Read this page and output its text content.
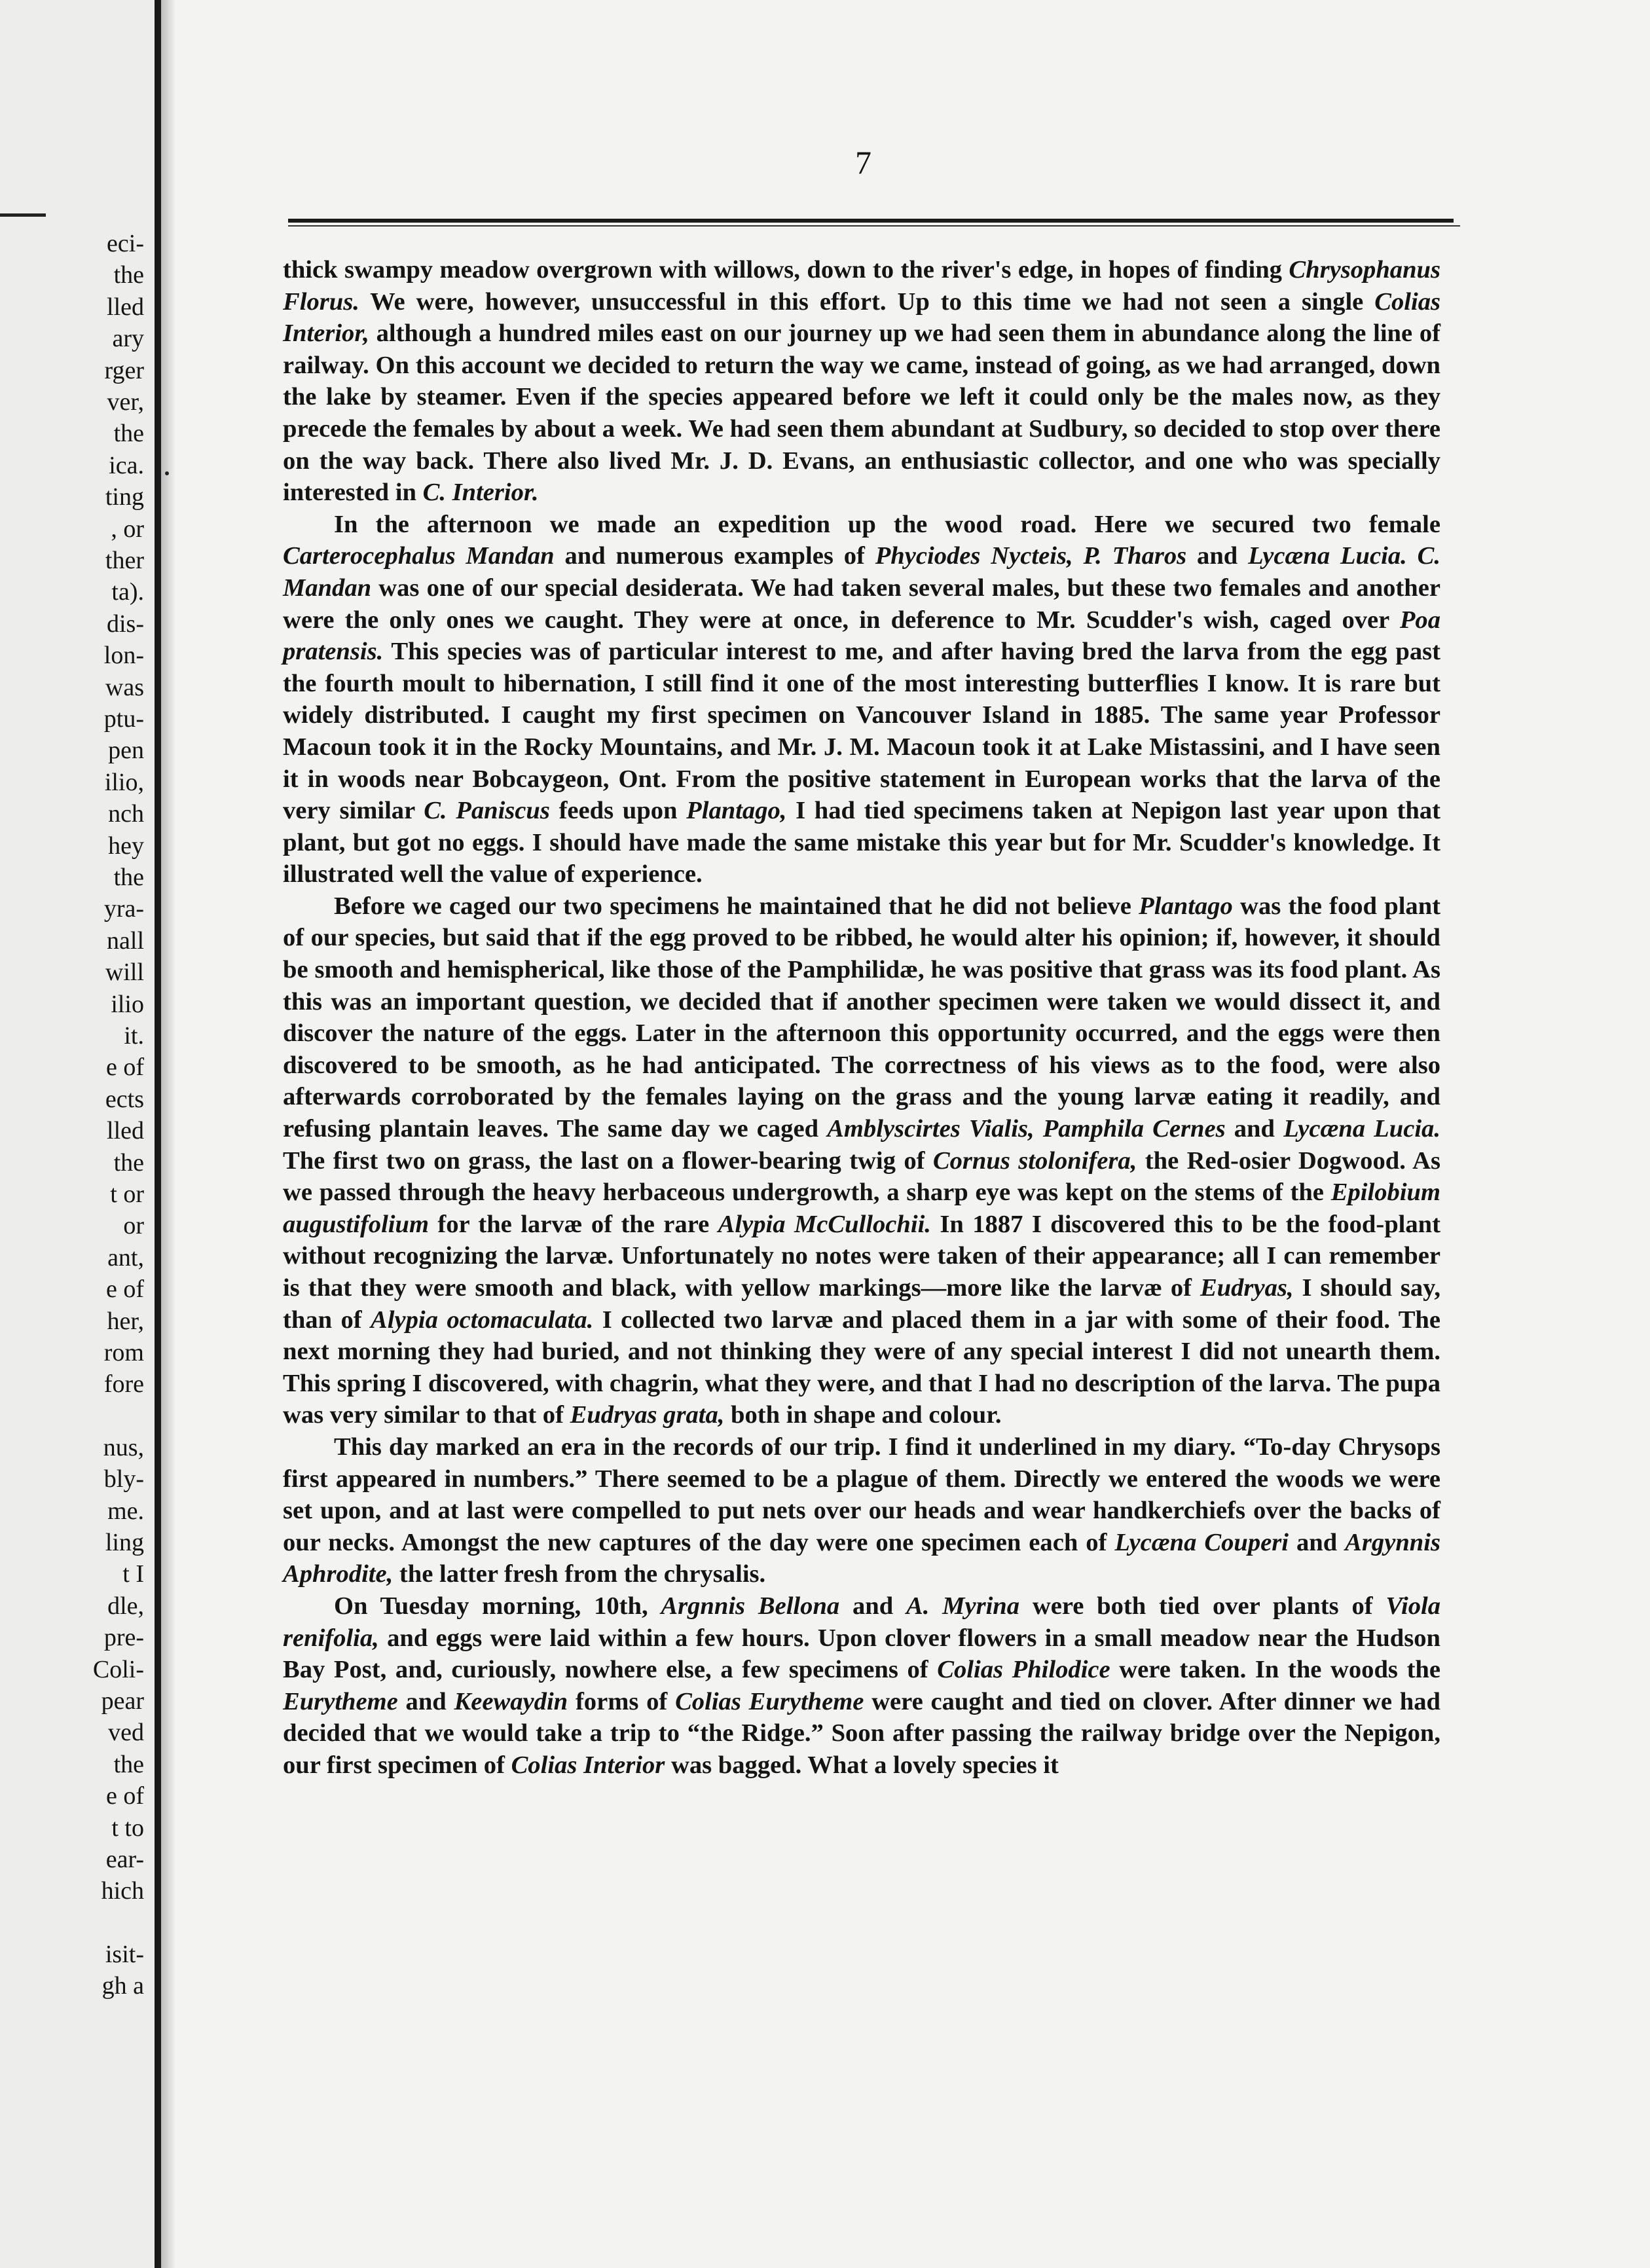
eci-
the
lled
ary
rger
ver,
the
ica.
ting
, or
ther
ta).
dis-
lon-
was
ptu-
pen
ilio,
nch
hey
the
yra-
nall
will
ilio
it.
e of
ects
lled
the
t or
or
ant,
e of
her,
rom
fore
nus,
bly-
me.
ling
t I
dle,
pre-
Coli-
pear
ved
the
e of
t to
ear-
hich
isit-
gh a
7

thick swampy meadow overgrown with willows, down to the river's edge, in hopes of finding Chrysophanus Florus. We were, however, unsuccessful in this effort. Up to this time we had not seen a single Colias Interior, although a hundred miles east on our journey up we had seen them in abundance along the line of railway. On this account we decided to return the way we came, instead of going, as we had arranged, down the lake by steamer. Even if the species appeared before we left it could only be the males now, as they precede the females by about a week. We had seen them abundant at Sudbury, so decided to stop over there on the way back. There also lived Mr. J. D. Evans, an enthusiastic collector, and one who was specially interested in C. Interior.

In the afternoon we made an expedition up the wood road. Here we secured two female Carterocephalus Mandan and numerous examples of Phyciodes Nycteis, P. Tharos and Lycæna Lucia. C. Mandan was one of our special desiderata. We had taken several males, but these two females and another were the only ones we caught. They were at once, in deference to Mr. Scudder's wish, caged over Poa pratensis. This species was of particular interest to me, and after having bred the larva from the egg past the fourth moult to hibernation, I still find it one of the most interesting butterflies I know. It is rare but widely distributed. I caught my first specimen on Vancouver Island in 1885. The same year Professor Macoun took it in the Rocky Mountains, and Mr. J. M. Macoun took it at Lake Mistassini, and I have seen it in woods near Bobcaygeon, Ont. From the positive statement in European works that the larva of the very similar C. Paniscus feeds upon Plantago, I had tied specimens taken at Nepigon last year upon that plant, but got no eggs. I should have made the same mistake this year but for Mr. Scudder's knowledge. It illustrated well the value of experience.

Before we caged our two specimens he maintained that he did not believe Plantago was the food plant of our species, but said that if the egg proved to be ribbed, he would alter his opinion; if, however, it should be smooth and hemispherical, like those of the Pamphilidæ, he was positive that grass was its food plant. As this was an important question, we decided that if another specimen were taken we would dissect it, and discover the nature of the eggs. Later in the afternoon this opportunity occurred, and the eggs were then discovered to be smooth, as he had anticipated. The correctness of his views as to the food, were also afterwards corroborated by the females laying on the grass and the young larvæ eating it readily, and refusing plantain leaves. The same day we caged Amblyscirtes Vialis, Pamphila Cernes and Lycæna Lucia. The first two on grass, the last on a flower-bearing twig of Cornus stolonifera, the Red-osier Dogwood. As we passed through the heavy herbaceous undergrowth, a sharp eye was kept on the stems of the Epilobium augustifolium for the larvæ of the rare Alypia McCullochii. In 1887 I discovered this to be the food-plant without recognizing the larvæ. Unfortunately no notes were taken of their appearance; all I can remember is that they were smooth and black, with yellow markings—more like the larvæ of Eudryas, I should say, than of Alypia octomaculata. I collected two larvæ and placed them in a jar with some of their food. The next morning they had buried, and not thinking they were of any special interest I did not unearth them. This spring I discovered, with chagrin, what they were, and that I had no description of the larva. The pupa was very similar to that of Eudryas grata, both in shape and colour.

This day marked an era in the records of our trip. I find it underlined in my diary. “To-day Chrysops first appeared in numbers.” There seemed to be a plague of them. Directly we entered the woods we were set upon, and at last were compelled to put nets over our heads and wear handkerchiefs over the backs of our necks. Amongst the new captures of the day were one specimen each of Lycæna Couperi and Argynnis Aphrodite, the latter fresh from the chrysalis.

On Tuesday morning, 10th, Argnnis Bellona and A. Myrina were both tied over plants of Viola renifolia, and eggs were laid within a few hours. Upon clover flowers in a small meadow near the Hudson Bay Post, and, curiously, nowhere else, a few specimens of Colias Philodice were taken. In the woods the Eurytheme and Keewaydin forms of Colias Eurytheme were caught and tied on clover. After dinner we had decided that we would take a trip to “the Ridge.” Soon after passing the railway bridge over the Nepigon, our first specimen of Colias Interior was bagged. What a lovely species it
